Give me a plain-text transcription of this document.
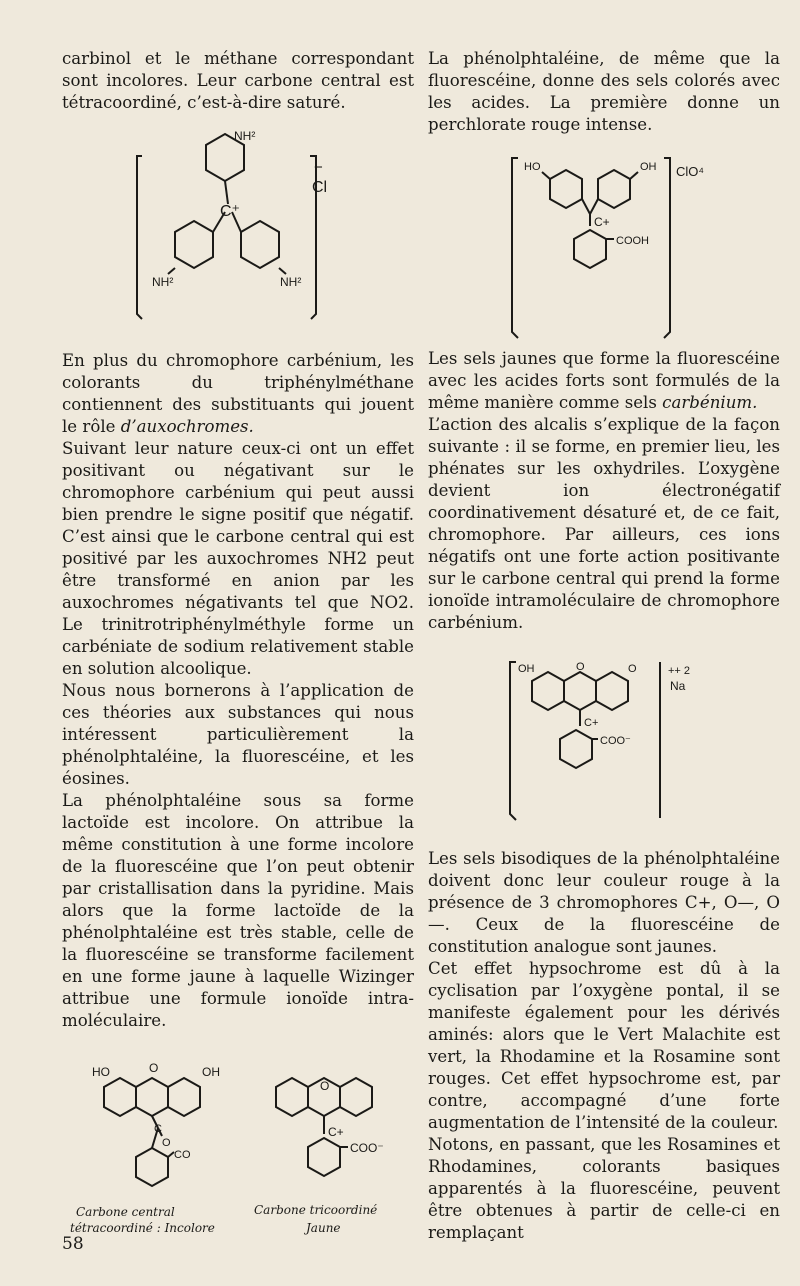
carbinol et le méthane correspondant sont incolores. Leur carbone central est tétracoordiné, c’est-à-dire saturé.

NH²
−
Cl
C⁺
NH²	NH²

En plus du chromophore carbénium, les colorants du triphénylméthane contiennent des substituants qui jouent le rôle d’auxochromes.

Suivant leur nature ceux-ci ont un effet positivant ou négativant sur le chromophore carbénium qui peut aussi bien prendre le signe positif que négatif. C’est ainsi que le carbone central qui est positivé par les auxochromes NH2 peut être transformé en anion par les auxochromes négativants tel que NO2. Le trinitrotriphénylméthyle forme un carbéniate de sodium relativement stable en solution alcoolique.

Nous nous bornerons à l’application de ces théories aux substances qui nous intéressent particulièrement la phénolphtaléine, la fluorescéine, et les éosines.

La phénolphtaléine sous sa forme lactoïde est incolore. On attribue la même constitution à une forme incolore de la fluorescéine que l’on peut obtenir par cristallisation dans la pyridine. Mais alors que la forme lactoïde de la phénolphtaléine est très stable, celle de la fluorescéine se transforme facilement en une forme jaune à laquelle Wizinger attribue une formule ionoïde intra-moléculaire.

HO	O	OH
C
O
CO
Carbone central
tétracoordiné : Incolore
O
C+
COO⁻
Carbone tricoordiné
Jaune

La phénolphtaléine, de même que la fluorescéine, donne des sels colorés avec les acides. La première donne un perchlorate rouge intense.

HO	OH ClO⁴
C+
COOH

Les sels jaunes que forme la fluorescéine avec les acides forts sont formulés de la même manière comme sels carbénium.

L’action des alcalis s’explique de la façon suivante : il se forme, en premier lieu, les phénates sur les oxhydriles. L’oxygène devient ion électronégatif coordinativement désaturé et, de ce fait, chromophore. Par ailleurs, ces ions négatifs ont une forte action positivante sur le carbone central qui prend la forme ionoïde intramoléculaire de chromophore carbénium.

OH	O	O
C+
COO⁻
++ 2
Na

Les sels bisodiques de la phénolphtaléine doivent donc leur couleur rouge à la présence de 3 chromophores C+, O—, O—. Ceux de la fluorescéine de constitution analogue sont jaunes.

Cet effet hypsochrome est dû à la cyclisation par l’oxygène pontal, il se manifeste également pour les dérivés aminés: alors que le Vert Malachite est vert, la Rhodamine et la Rosamine sont rouges. Cet effet hypsochrome est, par contre, accompagné d’une forte augmentation de l’intensité de la couleur.

Notons, en passant, que les Rosamines et Rhodamines, colorants basiques apparentés à la fluorescéine, peuvent être obtenues à partir de celle-ci en remplaçant

58
